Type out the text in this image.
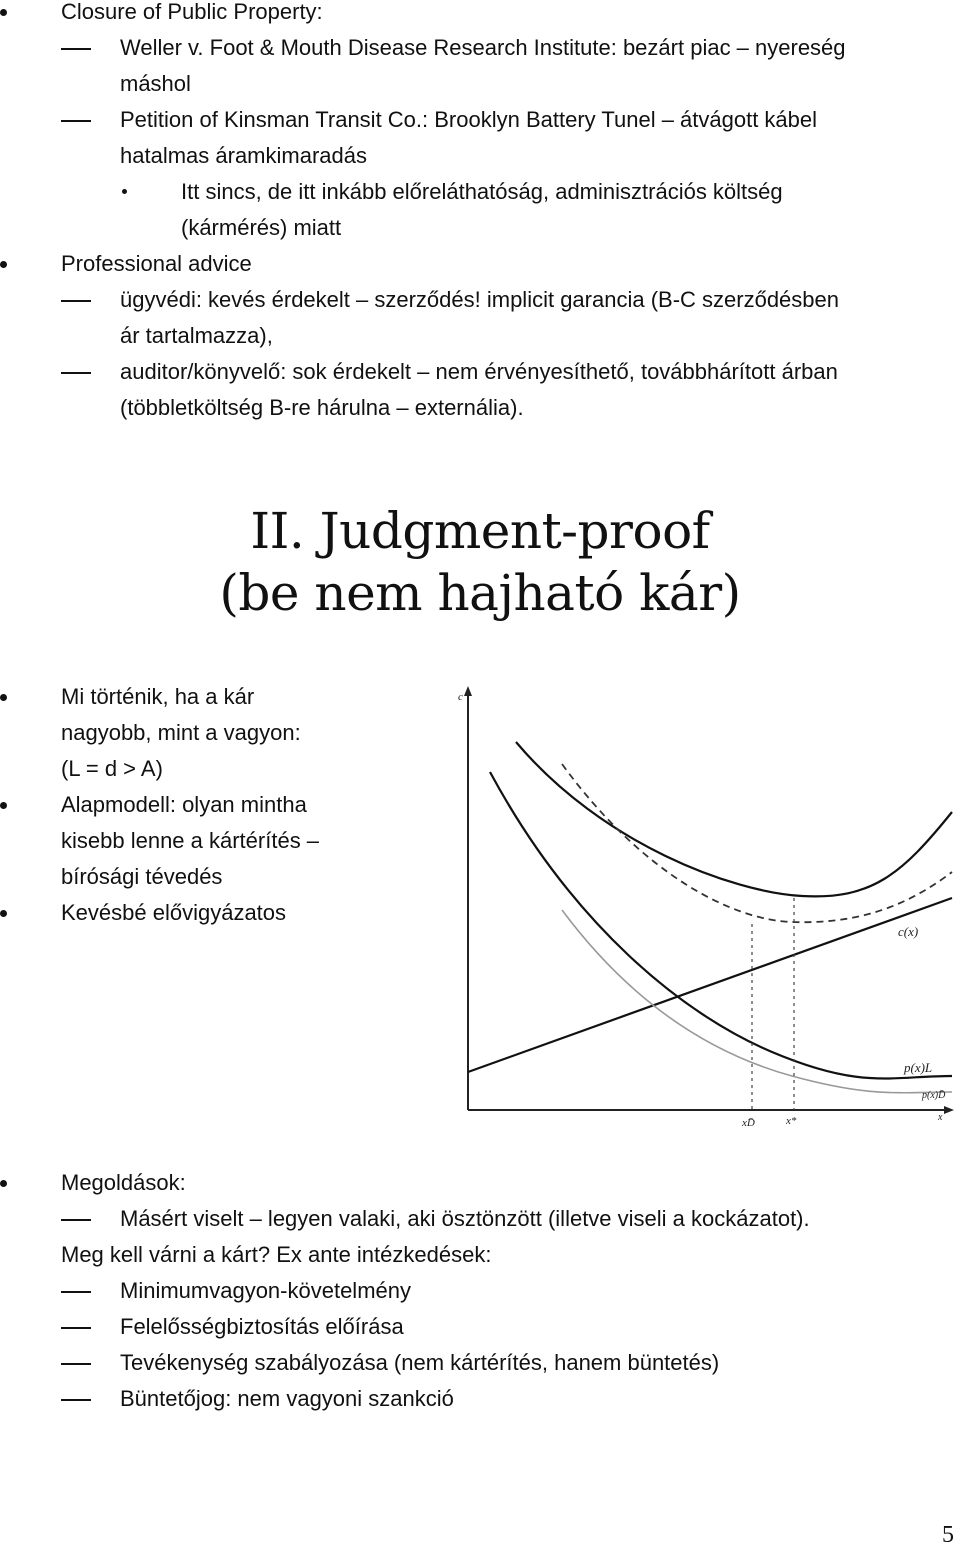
Closure of Public Property:
Weller v. Foot & Mouth Disease Research Institute: bezárt piac – nyereség
máshol
Petition of Kinsman Transit Co.: Brooklyn Battery Tunel – átvágott kábel
hatalmas áramkimaradás
Itt sincs, de itt inkább előreláthatóság, adminisztrációs költség
(kármérés) miatt
Professional advice
ügyvédi: kevés érdekelt – szerződés! implicit garancia (B-C szerződésben
ár tartalmazza),
auditor/könyvelő: sok érdekelt – nem érvényesíthető, továbbhárított árban
(többletköltség B-re hárulna – externália).
II. Judgment-proof
(be nem hajható kár)
Mi történik, ha a kár
nagyobb, mint a vagyon:
(L = d > A)
Alapmodell: olyan mintha
kisebb lenne a kártérítés –
bírósági tévedés
Kevésbé elővigyázatos
c
x
c(x)
p(x)L
p(x)D̄
xD̄	x*
Megoldások:
Másért viselt – legyen valaki, aki ösztönzött (illetve viseli a kockázatot).
Meg kell várni a kárt? Ex ante intézkedések:
Minimumvagyon-követelmény
Felelősségbiztosítás előírása
Tevékenység szabályozása (nem kártérítés, hanem büntetés)
Büntetőjog: nem vagyoni szankció
5
